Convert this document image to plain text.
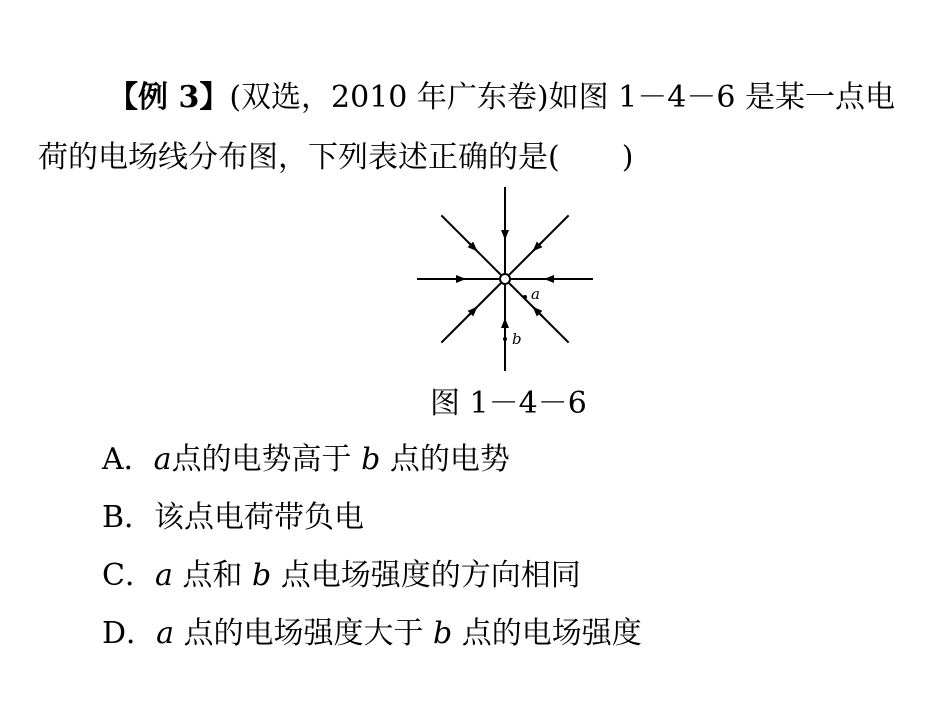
【例 3】(双选，2010 年广东卷)如图 1－4－6 是某一点电
荷的电场线分布图，下列表述正确的是( )
a
b
图 1－4－6
A．a点的电势高于 b 点的电势
B．该点电荷带负电
C．a 点和 b 点电场强度的方向相同
D．a 点的电场强度大于 b 点的电场强度
